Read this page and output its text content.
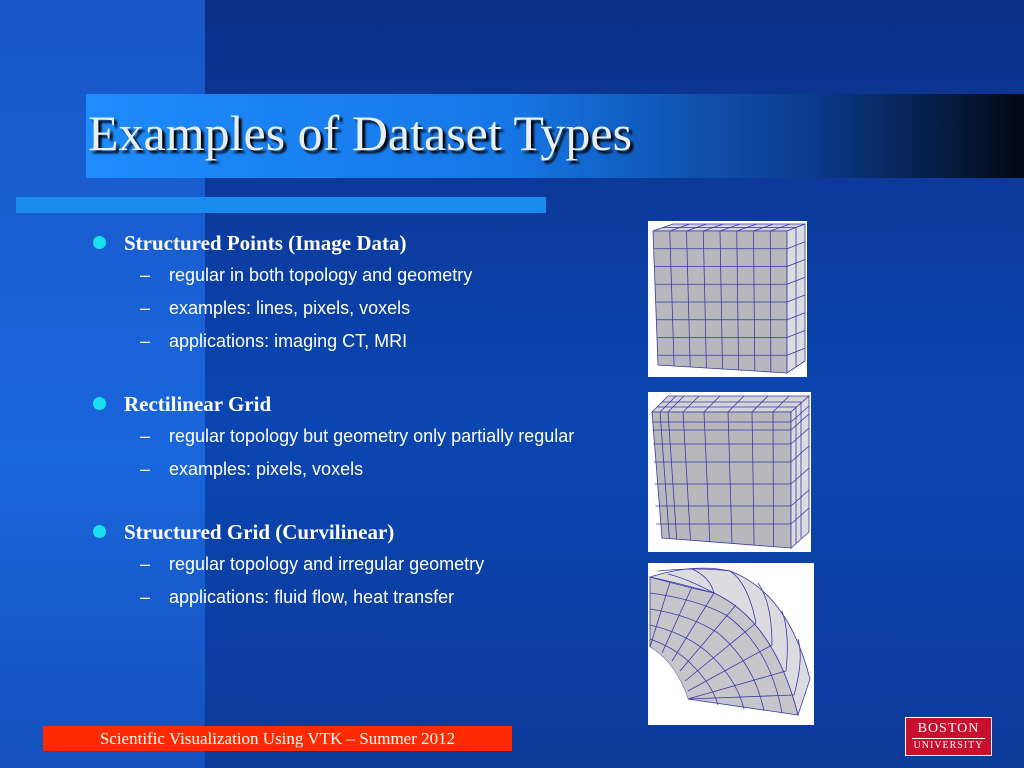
Examples of Dataset Types
Structured Points (Image Data)
– regular in both topology and geometry
– examples: lines, pixels, voxels
– applications: imaging CT, MRI
Rectilinear Grid
– regular topology but geometry only partially regular
– examples: pixels, voxels
Structured Grid (Curvilinear)
– regular topology and irregular geometry
– applications: fluid flow, heat transfer
Scientific Visualization Using VTK – Summer 2012
BOSTON
UNIVERSITY
